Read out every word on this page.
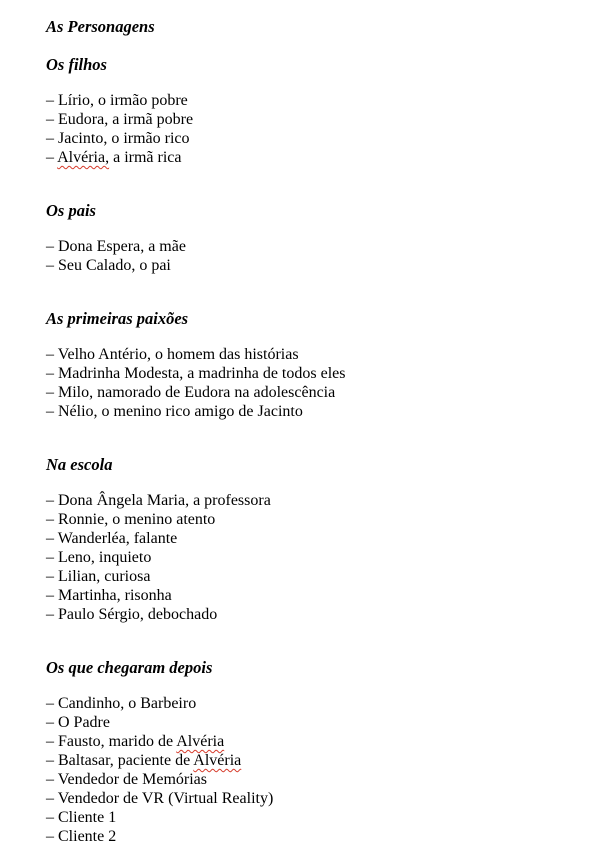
As Personagens
Os filhos
– Lírio, o irmão pobre
– Eudora, a irmã pobre
– Jacinto, o irmão rico
– Alvéria, a irmã rica
Os pais
– Dona Espera, a mãe
– Seu Calado, o pai
As primeiras paixões
– Velho Antério, o homem das histórias
– Madrinha Modesta, a madrinha de todos eles
– Milo, namorado de Eudora na adolescência
– Nélio, o menino rico amigo de Jacinto
Na escola
– Dona Ângela Maria, a professora
– Ronnie, o menino atento
– Wanderléa, falante
– Leno, inquieto
– Lilian, curiosa
– Martinha, risonha
– Paulo Sérgio, debochado
Os que chegaram depois
– Candinho, o Barbeiro
– O Padre
– Fausto, marido de Alvéria
– Baltasar, paciente de Alvéria
– Vendedor de Memórias
– Vendedor de VR (Virtual Reality)
– Cliente 1
– Cliente 2
